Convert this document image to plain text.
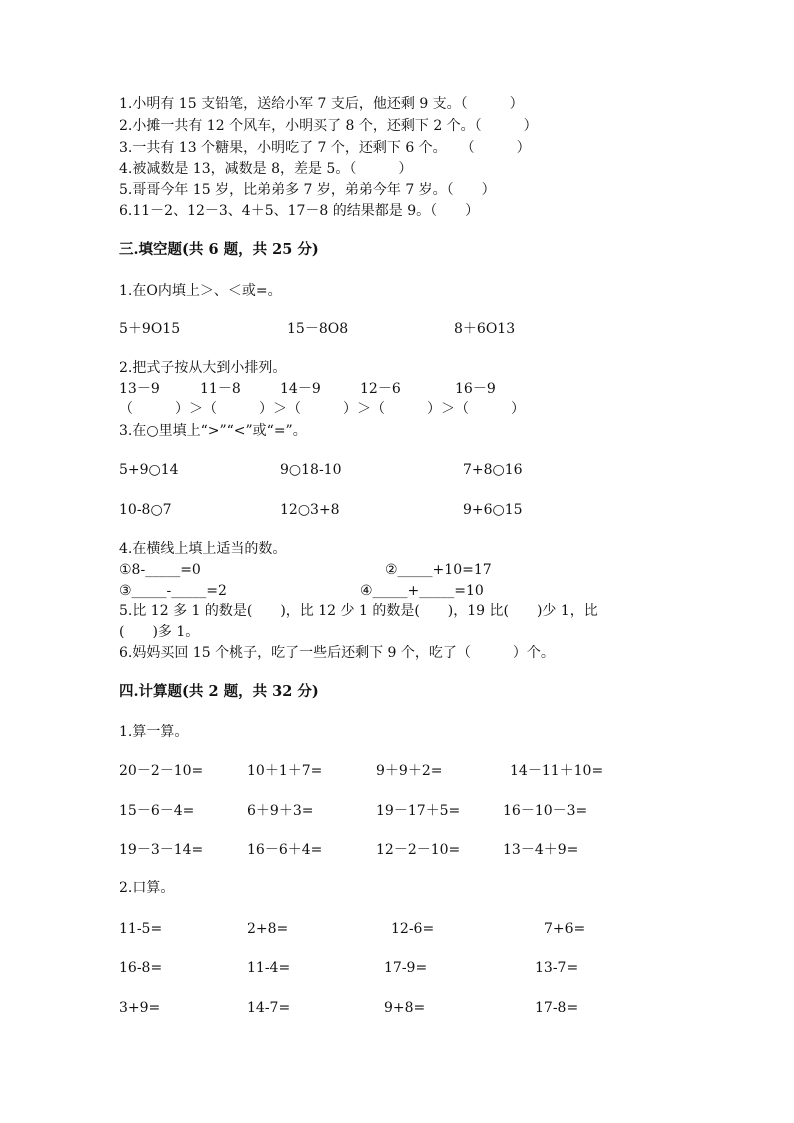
1.小明有 15 支铅笔，送给小军 7 支后，他还剩 9 支。（　　　）
2.小摊一共有 12 个风车，小明买了 8 个，还剩下 2 个。（　　　）
3.一共有 13 个糖果，小明吃了 7 个，还剩下 6 个。　　（　　　）
4.被减数是 13，减数是 8，差是 5。（　　　）
5.哥哥今年 15 岁，比弟弟多 7 岁，弟弟今年 7 岁。（　　）
6.11－2、12－3、4＋5、17－8 的结果都是 9。（　　）
三.填空题(共 6 题，共 25 分)
1.在O内填上＞、＜或=。
5＋9O15	15－8O8	8＋6O13
2.把式子按从大到小排列。
13－9	11－8	14－9	12－6	16－9
（　　　）＞（　　　）＞（　　　）＞（　　　）＞（　　　）
3.在○里填上“>”“<”或“=”。
5+9○14	9○18-10	7+8○16
10-8○7	12○3+8	9+6○15
4.在横线上填上适当的数。
①8-_____=0	②_____+10=17
③_____-_____=2	④_____+_____=10
5.比 12 多 1 的数是(　　)，比 12 少 1 的数是(　　)，19 比(　　)少 1，比
(　　)多 1。
6.妈妈买回 15 个桃子，吃了一些后还剩下 9 个，吃了（　　　）个。
四.计算题(共 2 题，共 32 分)
1.算一算。
20－2－10=	10＋1＋7=	9＋9＋2=	14－11＋10=
15－6－4=	6＋9＋3=	19－17＋5=	16－10－3=
19－3－14=	16－6＋4=	12－2－10=	13－4＋9=
2.口算。
11-5=	2+8=	12-6=	7+6=
16-8=	11-4=	17-9=	13-7=
3+9=	14-7=	9+8=	17-8=
